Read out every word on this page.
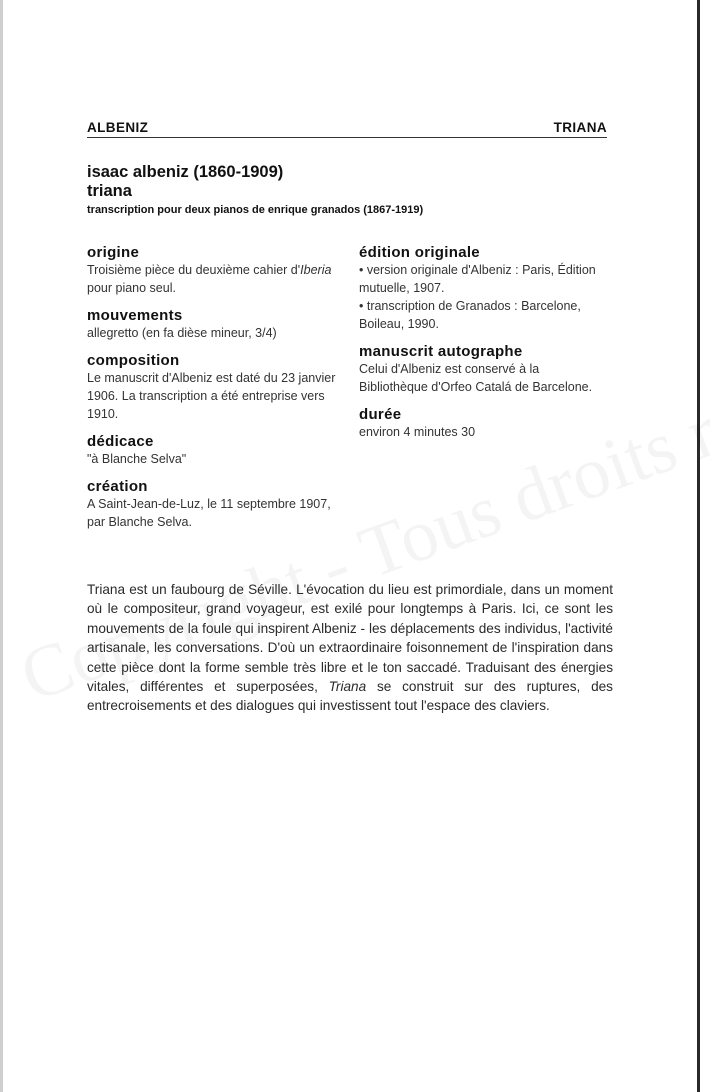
ALBENIZ	TRIANA
isaac albeniz (1860-1909)
triana
transcription pour deux pianos de enrique granados (1867-1919)
origine
Troisième pièce du deuxième cahier d'Iberia pour piano seul.
mouvements
allegretto (en fa dièse mineur, 3/4)
composition
Le manuscrit d'Albeniz est daté du 23 janvier 1906. La transcription a été entreprise vers 1910.
dédicace
"à Blanche Selva"
création
A Saint-Jean-de-Luz, le 11 septembre 1907, par Blanche Selva.
édition originale
• version originale d'Albeniz : Paris, Édition mutuelle, 1907.
• transcription de Granados : Barcelone, Boileau, 1990.
manuscrit autographe
Celui d'Albeniz est conservé à la Bibliothèque d'Orfeo Catalá de Barcelone.
durée
environ 4 minutes 30
Triana est un faubourg de Séville. L'évocation du lieu est primordiale, dans un moment où le compositeur, grand voyageur, est exilé pour longtemps à Paris. Ici, ce sont les mouvements de la foule qui inspirent Albeniz - les déplacements des individus, l'activité artisanale, les conversations. D'où un extraordinaire foisonnement de l'inspiration dans cette pièce dont la forme semble très libre et le ton saccadé. Traduisant des énergies vitales, différentes et superposées, Triana se construit sur des ruptures, des entrecroisements et des dialogues qui investissent tout l'espace des claviers.
